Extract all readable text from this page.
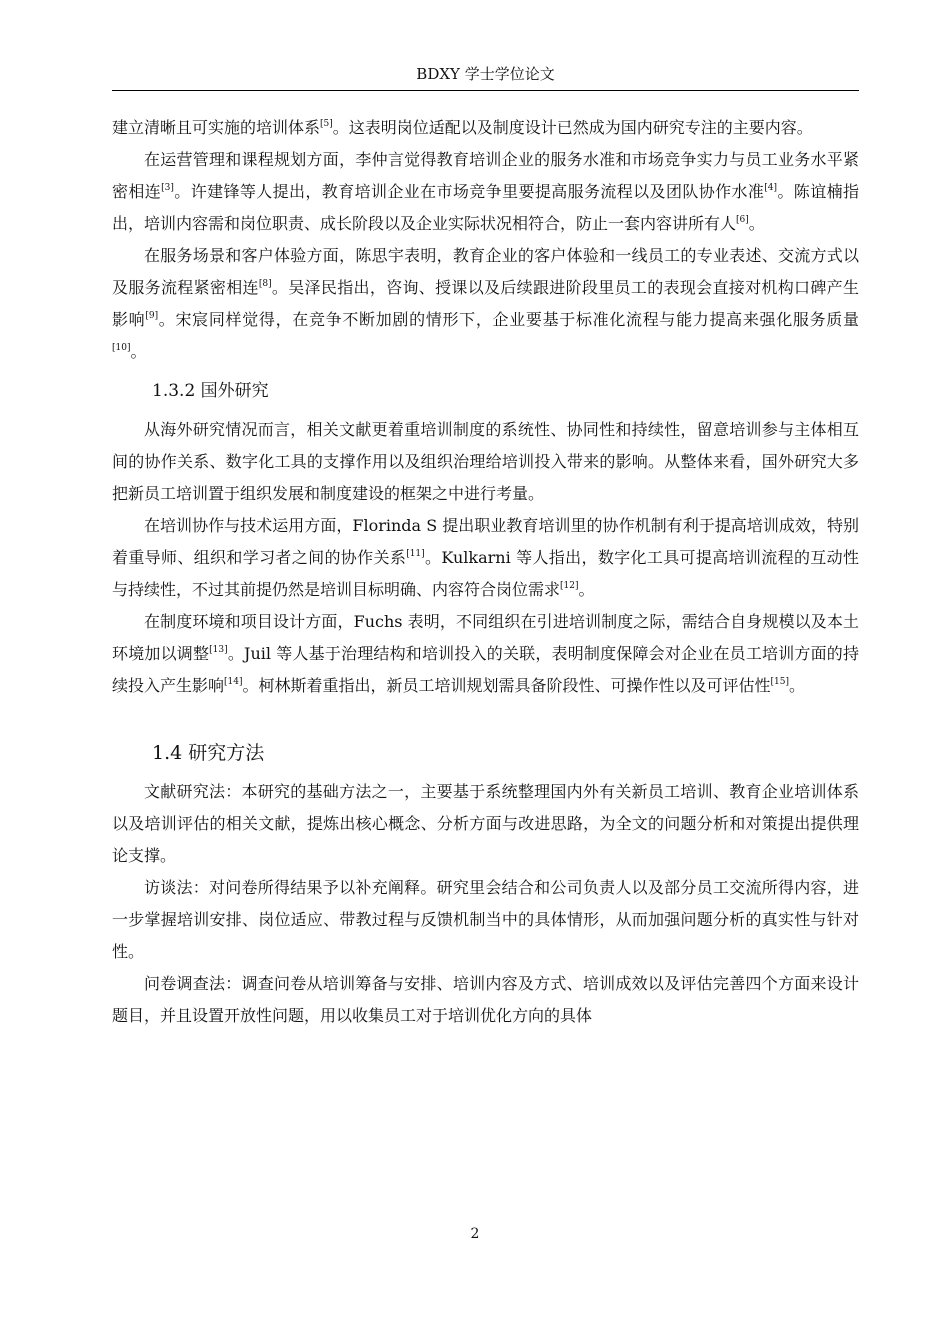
BDXY 学士学位论文

建立清晰且可实施的培训体系[5]。这表明岗位适配以及制度设计已然成为国内研究专注的主要内容。

在运营管理和课程规划方面，李仲言觉得教育培训企业的服务水准和市场竞争实力与员工业务水平紧密相连[3]。许建锋等人提出，教育培训企业在市场竞争里要提高服务流程以及团队协作水准[4]。陈谊楠指出，培训内容需和岗位职责、成长阶段以及企业实际状况相符合，防止一套内容讲所有人[6]。

在服务场景和客户体验方面，陈思宇表明，教育企业的客户体验和一线员工的专业表述、交流方式以及服务流程紧密相连[8]。吴泽民指出，咨询、授课以及后续跟进阶段里员工的表现会直接对机构口碑产生影响[9]。宋宸同样觉得，在竞争不断加剧的情形下，企业要基于标准化流程与能力提高来强化服务质量[10]。

1.3.2 国外研究

从海外研究情况而言，相关文献更着重培训制度的系统性、协同性和持续性，留意培训参与主体相互间的协作关系、数字化工具的支撑作用以及组织治理给培训投入带来的影响。从整体来看，国外研究大多把新员工培训置于组织发展和制度建设的框架之中进行考量。

在培训协作与技术运用方面，Florinda S 提出职业教育培训里的协作机制有利于提高培训成效，特别着重导师、组织和学习者之间的协作关系[11]。Kulkarni 等人指出，数字化工具可提高培训流程的互动性与持续性，不过其前提仍然是培训目标明确、内容符合岗位需求[12]。

在制度环境和项目设计方面，Fuchs 表明，不同组织在引进培训制度之际，需结合自身规模以及本土环境加以调整[13]。Juil 等人基于治理结构和培训投入的关联，表明制度保障会对企业在员工培训方面的持续投入产生影响[14]。柯林斯着重指出，新员工培训规划需具备阶段性、可操作性以及可评估性[15]。

1.4 研究方法

文献研究法：本研究的基础方法之一，主要基于系统整理国内外有关新员工培训、教育企业培训体系以及培训评估的相关文献，提炼出核心概念、分析方面与改进思路，为全文的问题分析和对策提出提供理论支撑。

访谈法：对问卷所得结果予以补充阐释。研究里会结合和公司负责人以及部分员工交流所得内容，进一步掌握培训安排、岗位适应、带教过程与反馈机制当中的具体情形，从而加强问题分析的真实性与针对性。

问卷调查法：调查问卷从培训筹备与安排、培训内容及方式、培训成效以及评估完善四个方面来设计题目，并且设置开放性问题，用以收集员工对于培训优化方向的具体

2
